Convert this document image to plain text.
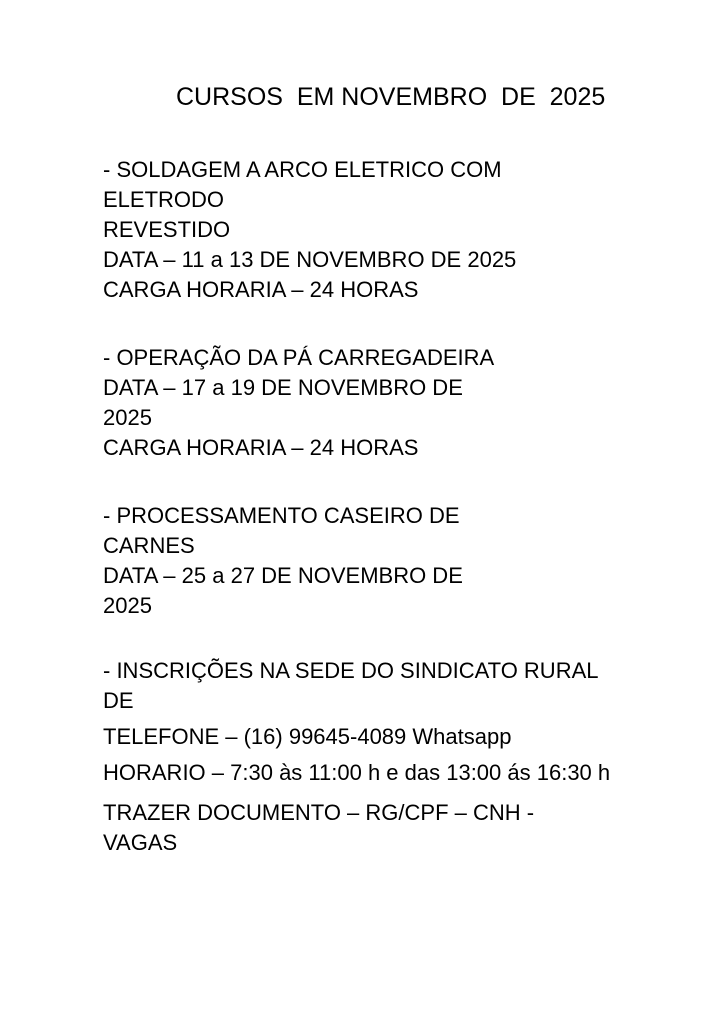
CURSOS  EM NOVEMBRO  DE  2025
- SOLDAGEM A ARCO ELETRICO COM
ELETRODO
REVESTIDO
DATA – 11 a 13 DE NOVEMBRO DE 2025
CARGA HORARIA – 24 HORAS
- OPERAÇÃO DA PÁ CARREGADEIRA
DATA – 17 a 19 DE NOVEMBRO DE
2025
CARGA HORARIA – 24 HORAS
- PROCESSAMENTO CASEIRO DE
CARNES
DATA – 25 a 27 DE NOVEMBRO DE
2025
- INSCRIÇÕES NA SEDE DO SINDICATO RURAL
DE
TELEFONE – (16) 99645-4089 Whatsapp
HORARIO – 7:30 às 11:00 h e das 13:00 ás 16:30 h
TRAZER DOCUMENTO – RG/CPF – CNH -
VAGAS
